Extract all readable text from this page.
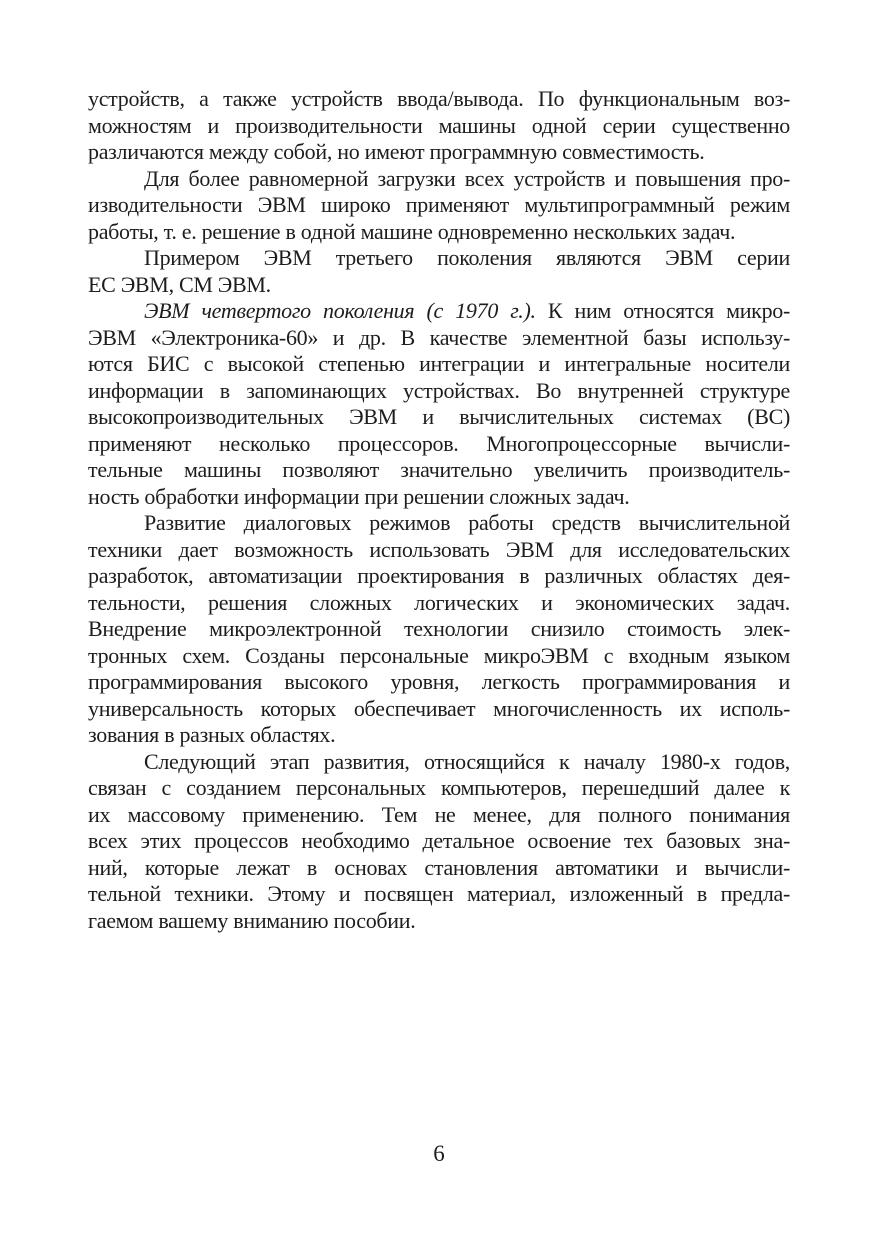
устройств, а также устройств ввода/вывода. По функциональным воз-
можностям и производительности машины одной серии существенно
различаются между собой, но имеют программную совместимость.
Для более равномерной загрузки всех устройств и повышения про-
изводительности ЭВМ широко применяют мультипрограммный режим
работы, т. е. решение в одной машине одновременно нескольких задач.
Примером ЭВМ третьего поколения являются ЭВМ серии
ЕС ЭВМ, СМ ЭВМ.
ЭВМ четвертого поколения (с 1970 г.). К ним относятся микро-
ЭВМ «Электроника-60» и др. В качестве элементной базы использу-
ются БИС с высокой степенью интеграции и интегральные носители
информации в запоминающих устройствах. Во внутренней структуре
высокопроизводительных ЭВМ и вычислительных системах (ВС)
применяют несколько процессоров. Многопроцессорные вычисли-
тельные машины позволяют значительно увеличить производитель-
ность обработки информации при решении сложных задач.
Развитие диалоговых режимов работы средств вычислительной
техники дает возможность использовать ЭВМ для исследовательских
разработок, автоматизации проектирования в различных областях дея-
тельности, решения сложных логических и экономических задач.
Внедрение микроэлектронной технологии снизило стоимость элек-
тронных схем. Созданы персональные микроЭВМ с входным языком
программирования высокого уровня, легкость программирования и
универсальность которых обеспечивает многочисленность их исполь-
зования в разных областях.
Следующий этап развития, относящийся к началу 1980-х годов,
связан с созданием персональных компьютеров, перешедший далее к
их массовому применению. Тем не менее, для полного понимания
всех этих процессов необходимо детальное освоение тех базовых зна-
ний, которые лежат в основах становления автоматики и вычисли-
тельной техники. Этому и посвящен материал, изложенный в предла-
гаемом вашему вниманию пособии.
6
